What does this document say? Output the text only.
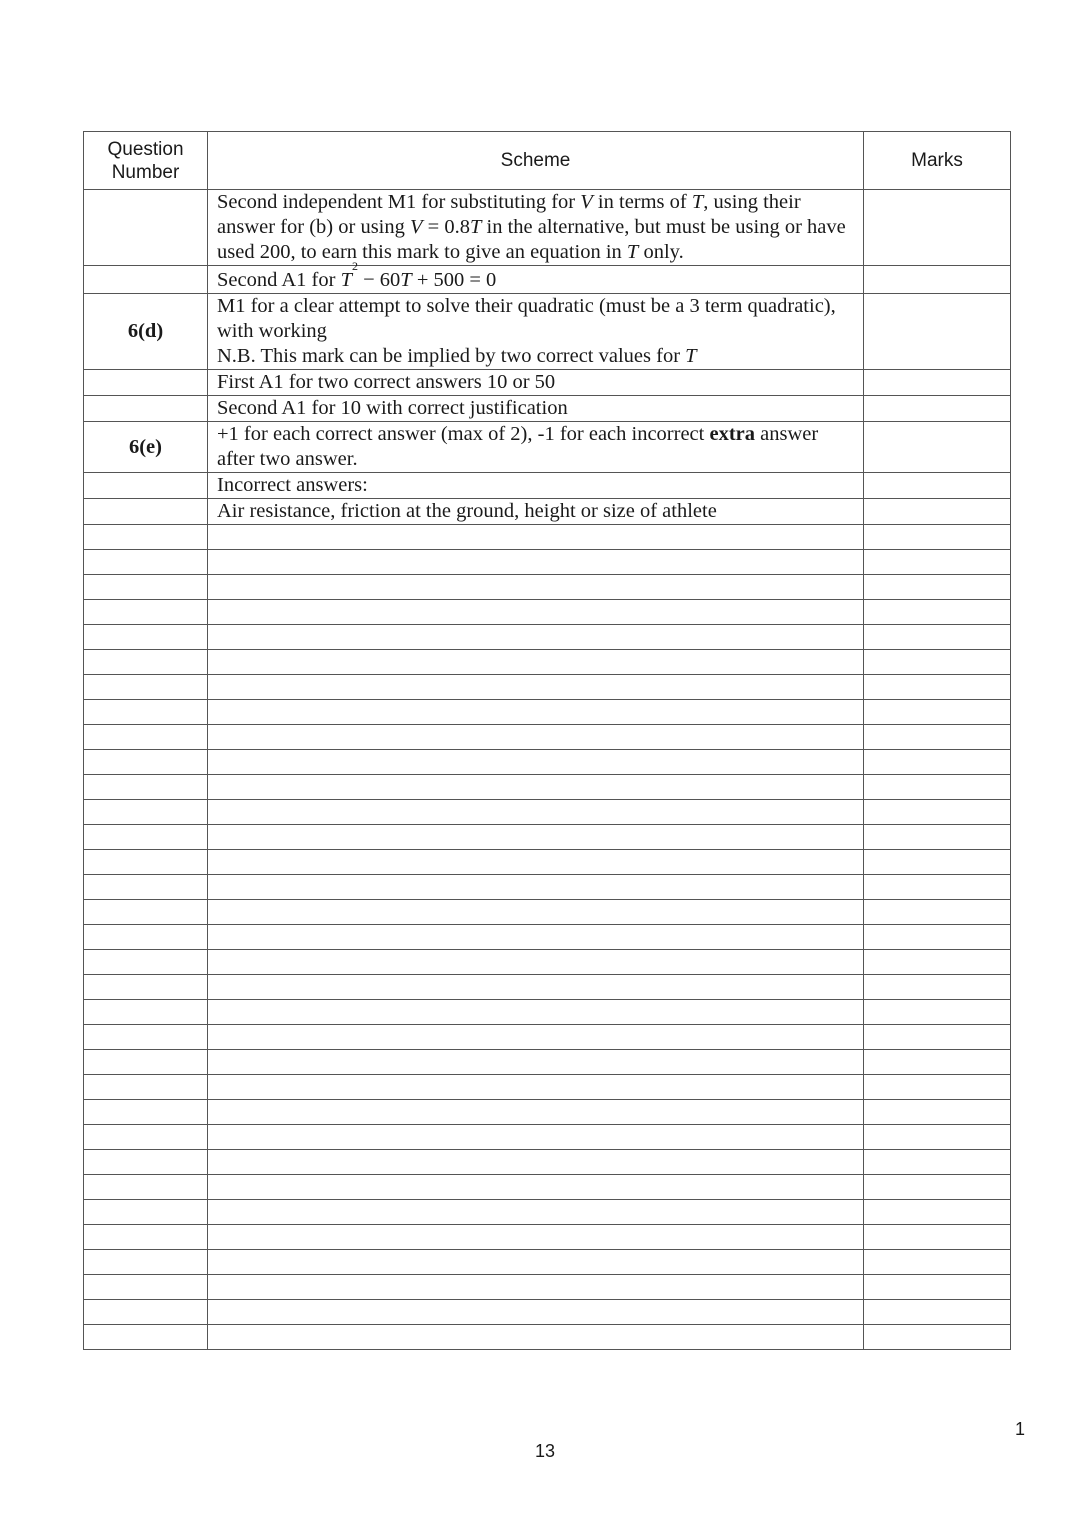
Question Number	Scheme	Marks
	Second independent M1 for substituting for V in terms of T, using their answer for (b) or using V = 0.8T in the alternative, but must be using or have used 200, to earn this mark to give an equation in T only.	
	Second A1 for $T^2 - 60T + 500 = 0$	
6(d)	M1 for a clear attempt to solve their quadratic (must be a 3 term quadratic), with working
N.B. This mark can be implied by two correct values for T	
	First A1 for two correct answers 10 or 50	
	Second A1 for 10 with correct justification	
6(e)	+1 for each correct answer (max of 2), -1 for each incorrect extra answer after two answer.	
	Incorrect answers:	
	Air resistance, friction at the ground, height or size of athlete	

1
13
